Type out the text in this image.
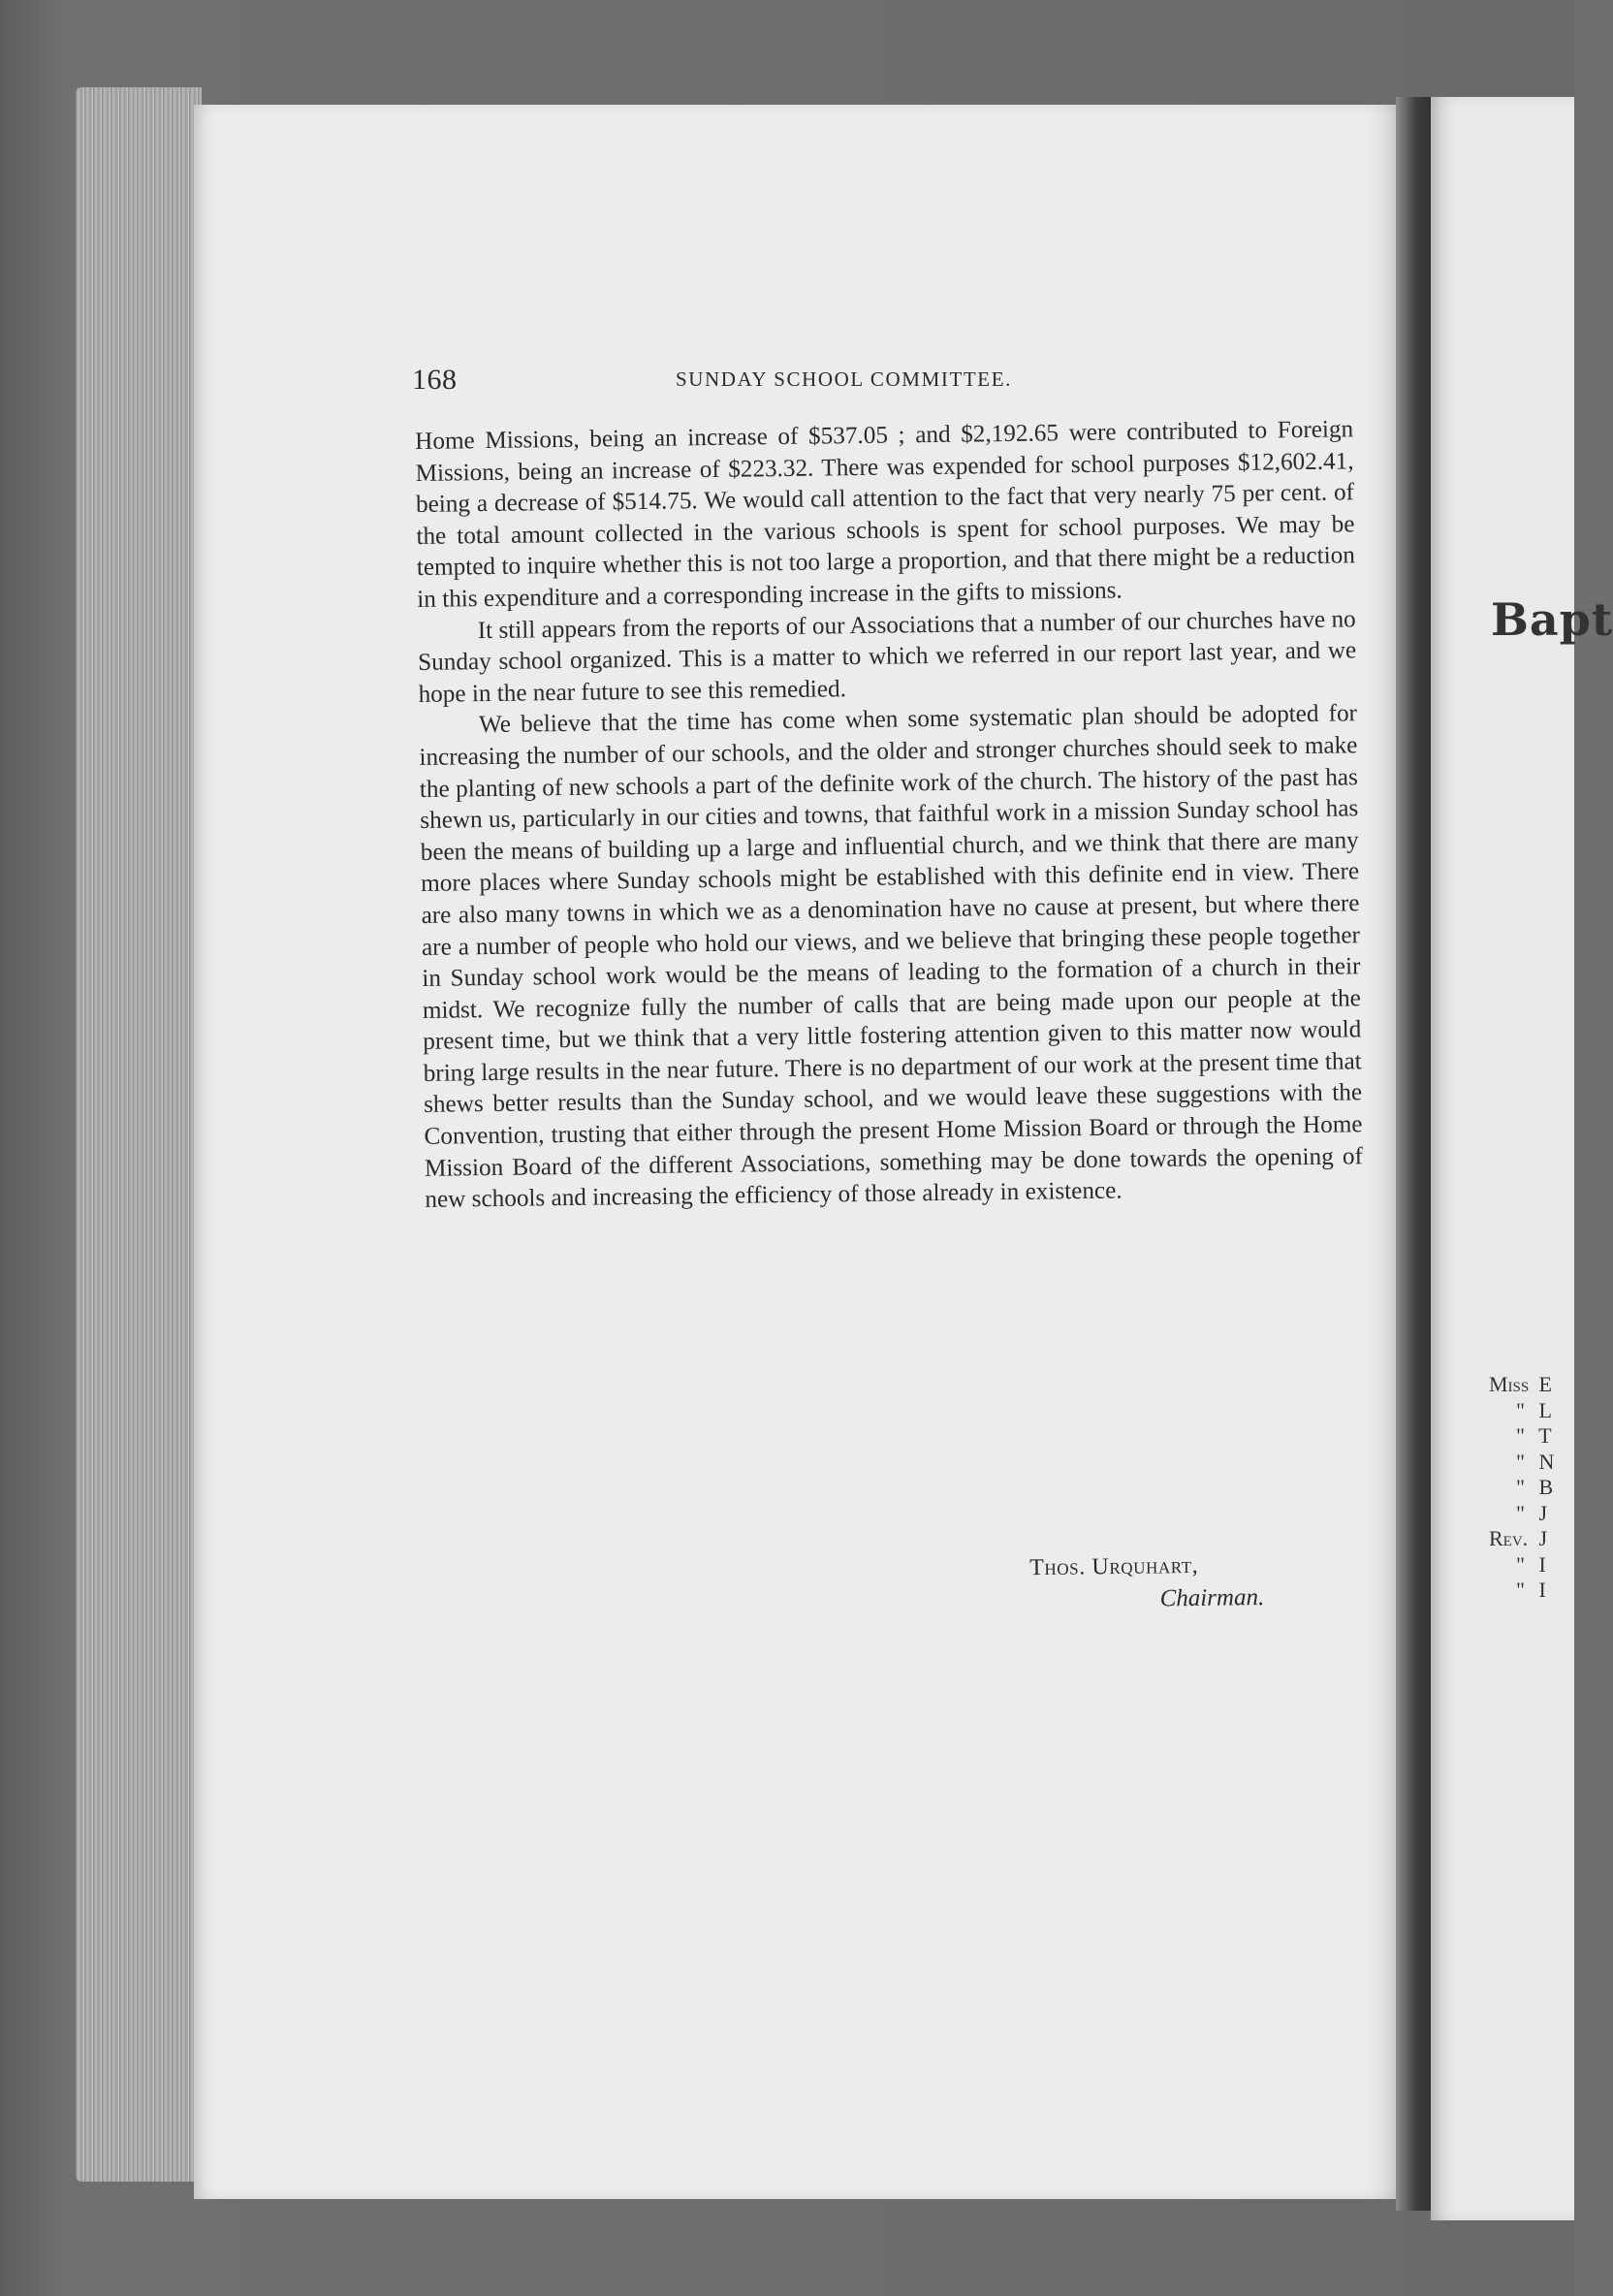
168	SUNDAY SCHOOL COMMITTEE.

Home Missions, being an increase of $537.05 ; and $2,192.65 were contributed to Foreign Missions, being an increase of $223.32. There was expended for school purposes $12,602.41, being a decrease of $514.75. We would call attention to the fact that very nearly 75 per cent. of the total amount collected in the various schools is spent for school purposes. We may be tempted to inquire whether this is not too large a proportion, and that there might be a reduction in this expenditure and a corresponding increase in the gifts to missions.

It still appears from the reports of our Associations that a number of our churches have no Sunday school organized. This is a matter to which we referred in our report last year, and we hope in the near future to see this remedied.

We believe that the time has come when some systematic plan should be adopted for increasing the number of our schools, and the older and stronger churches should seek to make the planting of new schools a part of the definite work of the church. The history of the past has shewn us, particularly in our cities and towns, that faithful work in a mission Sunday school has been the means of building up a large and influential church, and we think that there are many more places where Sunday schools might be established with this definite end in view. There are also many towns in which we as a denomination have no cause at present, but where there are a number of people who hold our views, and we believe that bringing these people together in Sunday school work would be the means of leading to the formation of a church in their midst. We recognize fully the number of calls that are being made upon our people at the present time, but we think that a very little fostering attention given to this matter now would bring large results in the near future. There is no department of our work at the present time that shews better results than the Sunday school, and we would leave these suggestions with the Convention, trusting that either through the present Home Mission Board or through the Home Mission Board of the different Associations, something may be done towards the opening of new schools and increasing the efficiency of those already in existence.

Thos. Urquhart,
Chairman.
Bapt
Miss E
" L
" T
" N
" B
" J
Rev. J
" I
" I
